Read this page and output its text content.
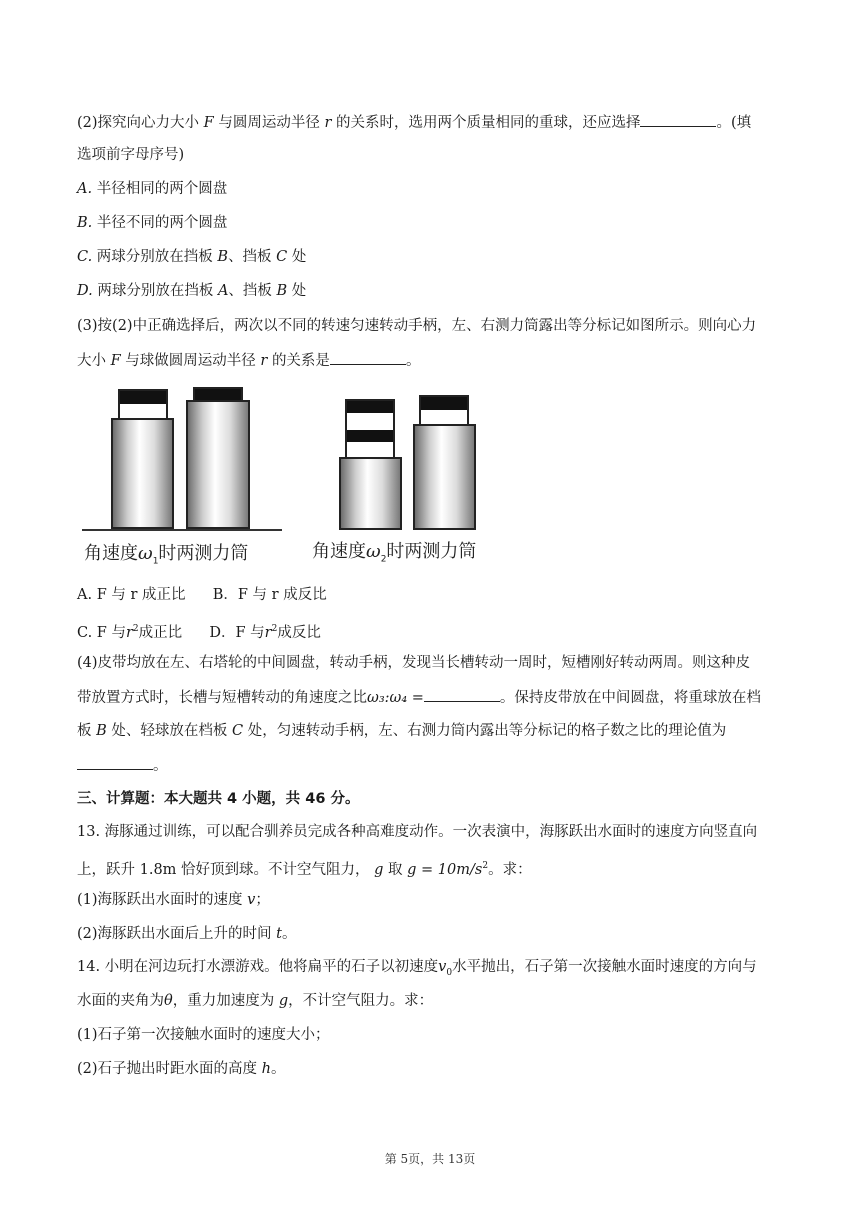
(2)探究向心力大小 F 与圆周运动半径 r 的关系时，选用两个质量相同的重球，还应选择	。(填
选项前字母序号)
A. 半径相同的两个圆盘
B. 半径不同的两个圆盘
C. 两球分别放在挡板 B、挡板 C 处
D. 两球分别放在挡板 A、挡板 B 处
(3)按(2)中正确选择后，两次以不同的转速匀速转动手柄，左、右测力筒露出等分标记如图所示。则向心力
大小 F 与球做圆周运动半径 r 的关系是	。
角速度$\omega_1$时两测力筒	角速度$\omega_2$时两测力筒
A. F 与 r 成正比 B．F 与 r 成反比
C. F 与$r^2$成正比 D．F 与$r^2$成反比
(4)皮带均放在左、右塔轮的中间圆盘，转动手柄，发现当长槽转动一周时，短槽刚好转动两周。则这种皮
带放置方式时，长槽与短槽转动的角速度之比ω₃:ω₄ =	。保持皮带放在中间圆盘，将重球放在档
板 B 处、轻球放在档板 C 处，匀速转动手柄，左、右测力筒内露出等分标记的格子数之比的理论值为
。
三、计算题：本大题共 4 小题，共 46 分。
13. 海豚通过训练，可以配合驯养员完成各种高难度动作。一次表演中，海豚跃出水面时的速度方向竖直向
上，跃升 1.8m 恰好顶到球。不计空气阻力， g 取 $g = 10m/s^2$。求：
(1)海豚跃出水面时的速度 v；
(2)海豚跃出水面后上升的时间 t。
14. 小明在河边玩打水漂游戏。他将扁平的石子以初速度$v_0$水平抛出，石子第一次接触水面时速度的方向与
水面的夹角为θ，重力加速度为 g，不计空气阻力。求：
(1)石子第一次接触水面时的速度大小；
(2)石子抛出时距水面的高度 h。
第 5页，共 13页
